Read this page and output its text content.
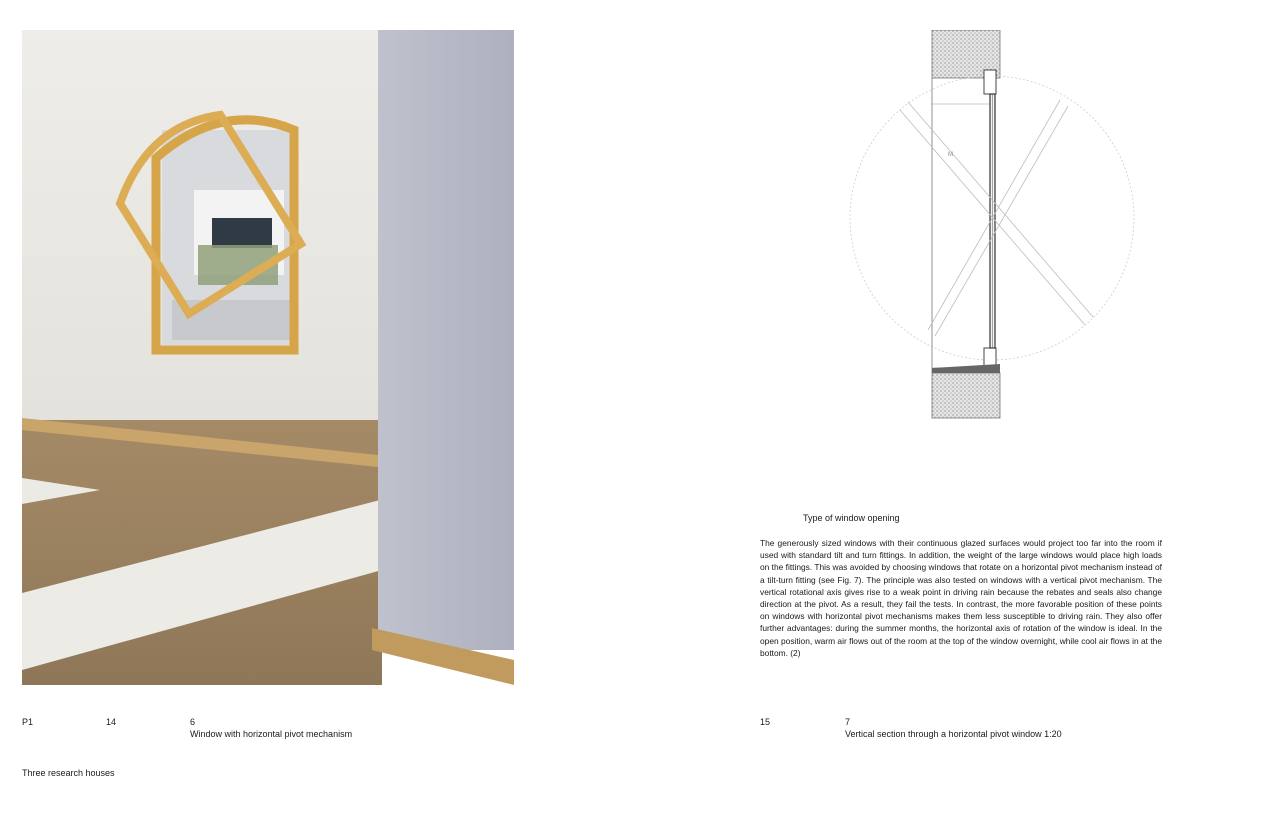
M
Type of window opening

The generously sized windows with their continuous glazed surfaces would project too far into the room if used with standard tilt and turn fittings. In addition, the weight of the large windows would place high loads on the fittings. This was avoided by choosing windows that rotate on a horizontal pivot mechanism instead of a tilt-turn fitting (see Fig. 7). The principle was also tested on windows with a vertical pivot mechanism. The vertical rotational axis gives rise to a weak point in driving rain because the rebates and seals also change direction at the pivot. As a result, they fail the tests. In contrast, the more favorable position of these points on windows with horizontal pivot mechanisms makes them less susceptible to driving rain. They also offer further advantages: during the summer months, the horizontal axis of rotation of the window is ideal. In the open position, warm air flows out of the room at the top of the window overnight, while cool air flows in at the bottom. (2)

P1	14	6
Window with horizontal pivot mechanism
Three research houses
15	7
Vertical section through a horizontal pivot window 1:20
